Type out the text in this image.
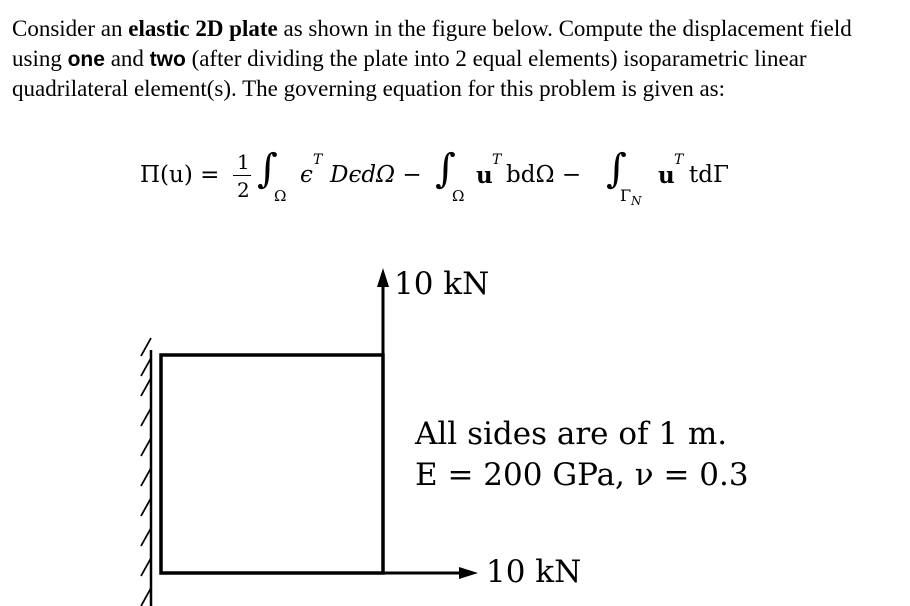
Consider an elastic 2D plate as shown in the figure below. Compute the displacement field using one and two (after dividing the plate into 2 equal elements) isoparametric linear quadrilateral element(s). The governing equation for this problem is given as:

Π(u) = 1
2 ∫
Ω
ϵ
T
DϵdΩ − ∫
Ω
u
T
bdΩ − ∫
Γ N
u
T
tdΓ
10 kN
10 kN
All sides are of 1 m.
E = 200 GPa, ν = 0.3
